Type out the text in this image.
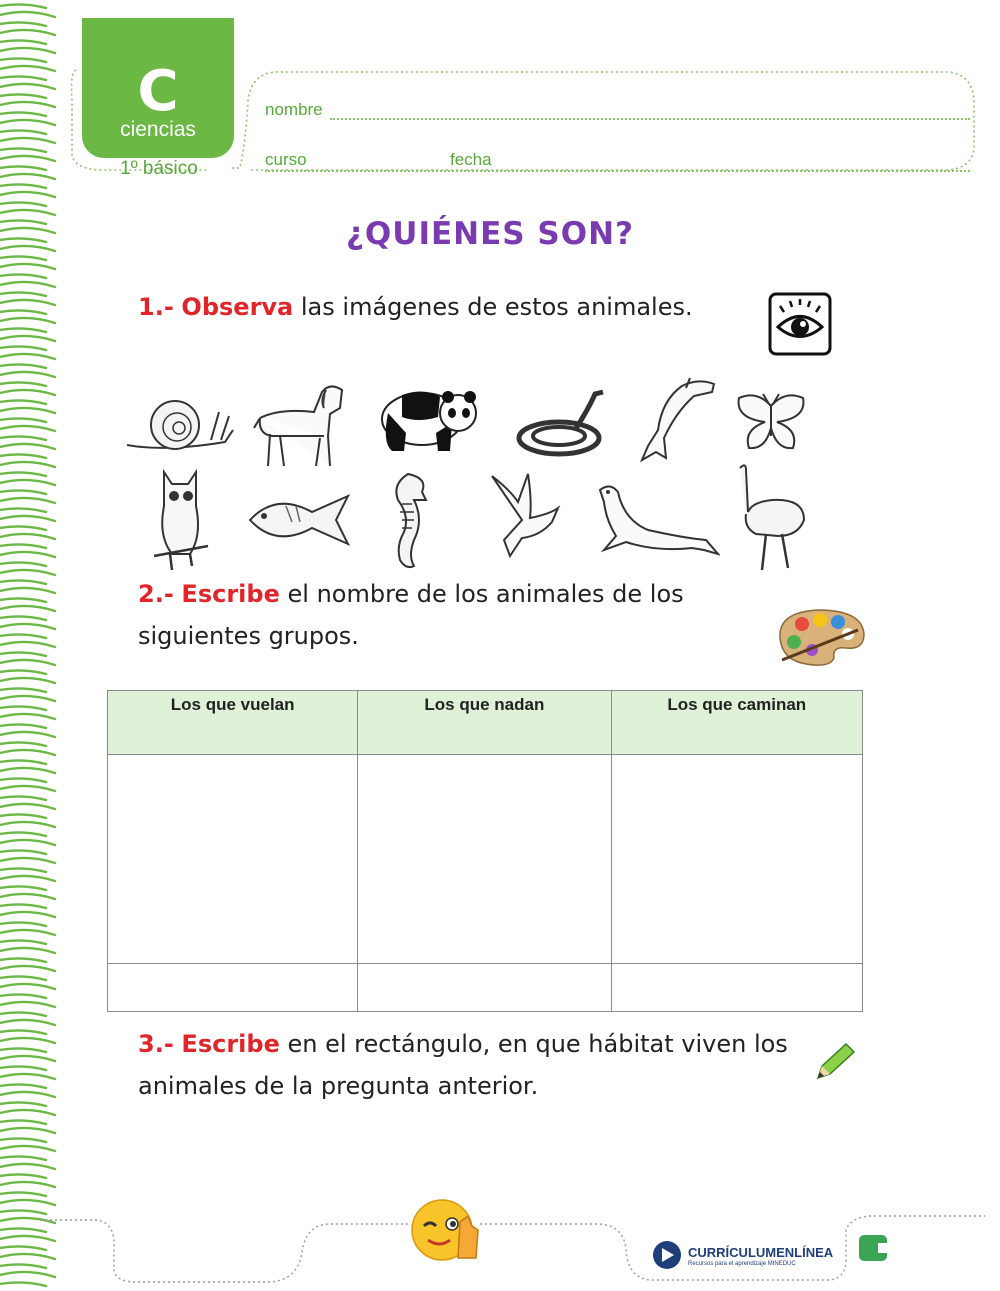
C
ciencias
1º básico
nombre
curso	fecha
¿QUIÉNES SON?
1.- Observa las imágenes de estos animales.
2.- Escribe el nombre de los animales de los
siguientes grupos.
Los que vuelan	Los que nadan	Los que caminan

3.- Escribe en el rectángulo, en que hábitat viven los
animales de la pregunta anterior.
CURRÍCULUMENLÍNEA
Recursos para el aprendizaje MINEDUC
